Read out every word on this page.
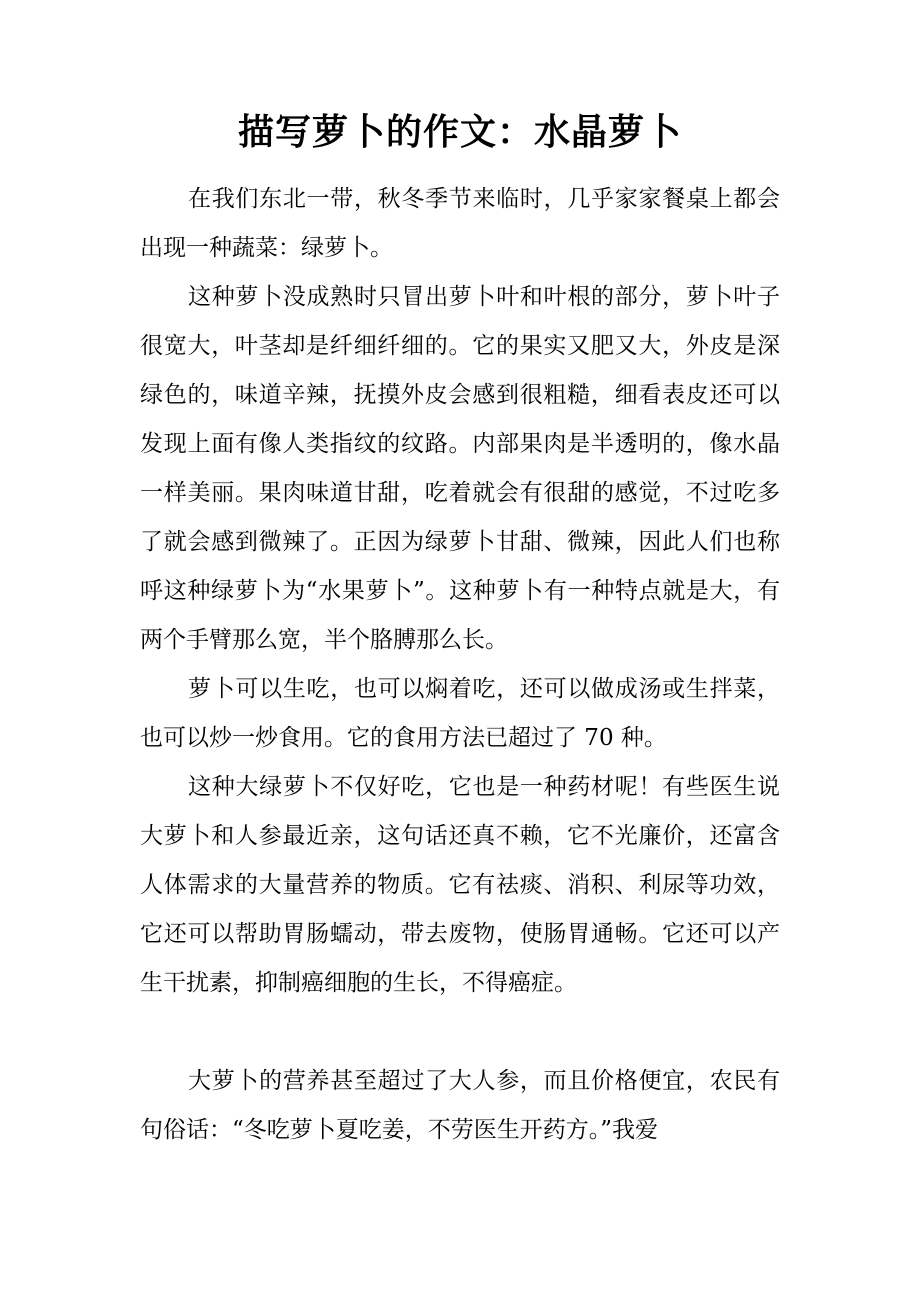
描写萝卜的作文：水晶萝卜

在我们东北一带，秋冬季节来临时，几乎家家餐桌上都会出现一种蔬菜：绿萝卜。

这种萝卜没成熟时只冒出萝卜叶和叶根的部分，萝卜叶子很宽大，叶茎却是纤细纤细的。它的果实又肥又大，外皮是深绿色的，味道辛辣，抚摸外皮会感到很粗糙，细看表皮还可以发现上面有像人类指纹的纹路。内部果肉是半透明的，像水晶一样美丽。果肉味道甘甜，吃着就会有很甜的感觉，不过吃多了就会感到微辣了。正因为绿萝卜甘甜、微辣，因此人们也称呼这种绿萝卜为“水果萝卜”。这种萝卜有一种特点就是大，有两个手臂那么宽，半个胳膊那么长。

萝卜可以生吃，也可以焖着吃，还可以做成汤或生拌菜，也可以炒一炒食用。它的食用方法已超过了 70 种。

这种大绿萝卜不仅好吃，它也是一种药材呢！有些医生说大萝卜和人参最近亲，这句话还真不赖，它不光廉价，还富含人体需求的大量营养的物质。它有祛痰、消积、利尿等功效，它还可以帮助胃肠蠕动，带去废物，使肠胃通畅。它还可以产生干扰素，抑制癌细胞的生长，不得癌症。

大萝卜的营养甚至超过了大人参，而且价格便宜，农民有句俗话：“冬吃萝卜夏吃姜，不劳医生开药方。”我爱
